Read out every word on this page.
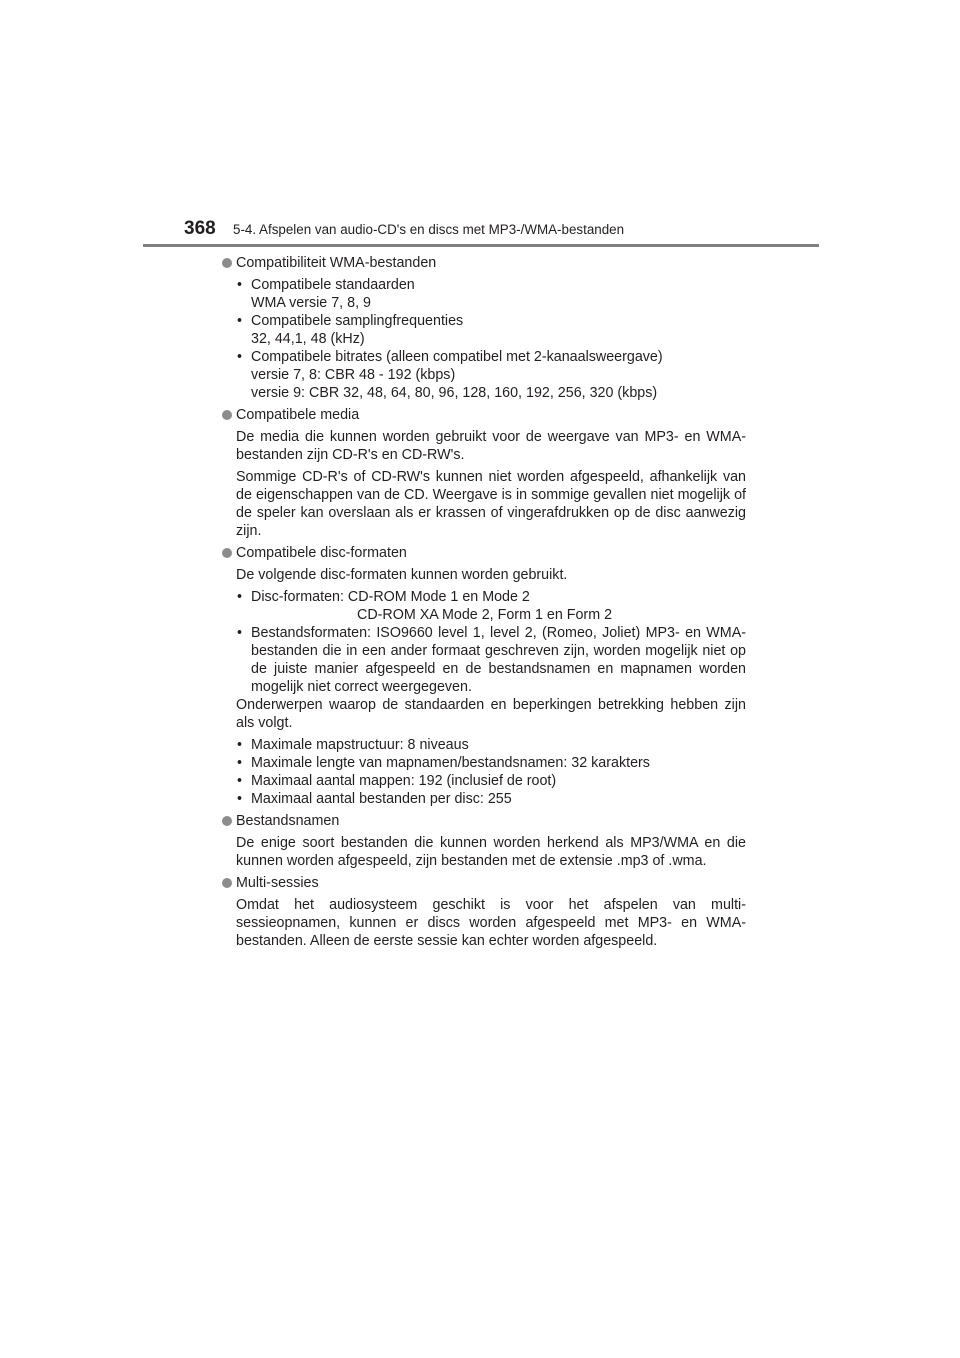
368 5-4. Afspelen van audio-CD's en discs met MP3-/WMA-bestanden
Compatibiliteit WMA-bestanden
• Compatibele standaarden
WMA versie 7, 8, 9
• Compatibele samplingfrequenties
32, 44,1, 48 (kHz)
• Compatibele bitrates (alleen compatibel met 2-kanaalsweergave)
versie 7, 8: CBR 48 - 192 (kbps)
versie 9: CBR 32, 48, 64, 80, 96, 128, 160, 192, 256, 320 (kbps)
Compatibele media

De media die kunnen worden gebruikt voor de weergave van MP3- en WMA-bestanden zijn CD-R's en CD-RW's.

Sommige CD-R's of CD-RW's kunnen niet worden afgespeeld, afhankelijk van de eigenschappen van de CD. Weergave is in sommige gevallen niet mogelijk of de speler kan overslaan als er krassen of vingerafdrukken op de disc aanwezig zijn.

Compatibele disc-formaten

De volgende disc-formaten kunnen worden gebruikt.

• Disc-formaten: CD-ROM Mode 1 en Mode 2
CD-ROM XA Mode 2, Form 1 en Form 2
• Bestandsformaten: ISO9660 level 1, level 2, (Romeo, Joliet) MP3- en WMA-bestanden die in een ander formaat geschreven zijn, worden mogelijk niet op de juiste manier afgespeeld en de bestandsnamen en mapnamen worden mogelijk niet correct weergegeven.

Onderwerpen waarop de standaarden en beperkingen betrekking hebben zijn als volgt.

• Maximale mapstructuur: 8 niveaus
• Maximale lengte van mapnamen/bestandsnamen: 32 karakters
• Maximaal aantal mappen: 192 (inclusief de root)
• Maximaal aantal bestanden per disc: 255
Bestandsnamen

De enige soort bestanden die kunnen worden herkend als MP3/WMA en die kunnen worden afgespeeld, zijn bestanden met de extensie .mp3 of .wma.

Multi-sessies

Omdat het audiosysteem geschikt is voor het afspelen van multi-sessieopnamen, kunnen er discs worden afgespeeld met MP3- en WMA-bestanden. Alleen de eerste sessie kan echter worden afgespeeld.
